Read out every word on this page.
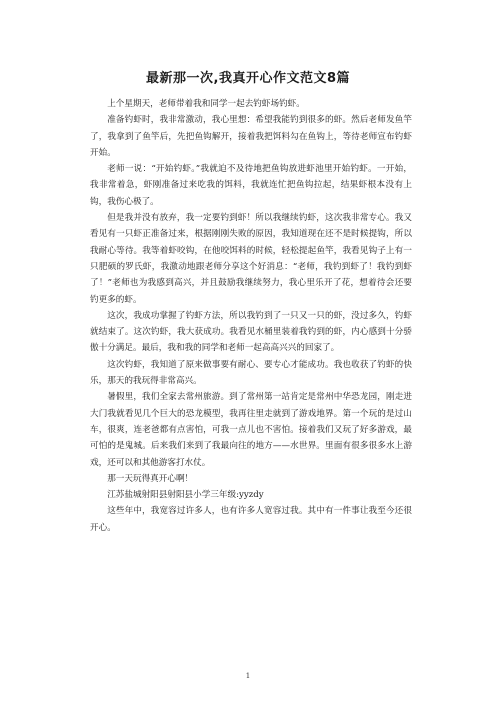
最新那一次,我真开心作文范文8篇

上个星期天，老师带着我和同学一起去钓虾场钓虾。

准备钓虾时，我非常激动，我心里想：希望我能钓到很多的虾。然后老师发鱼竿了，我拿到了鱼竿后，先把鱼钩解开，接着我把饵料勾在鱼钩上，等待老师宣布钓虾开始。

老师一说：“开始钓虾。”我就迫不及待地把鱼钩放进虾池里开始钓虾。一开始，我非常着急，虾刚准备过来吃我的饵料，我就连忙把鱼钩拉起，结果虾根本没有上钩，我伤心极了。

但是我并没有放弃，我一定要钓到虾！所以我继续钓虾，这次我非常专心。我又看见有一只虾正准备过来，根据刚刚失败的原因，我知道现在还不是时候提钩，所以我耐心等待。我等着虾咬钩，在他咬饵料的时候，轻松提起鱼竿，我看见钩子上有一只肥硕的罗氏虾，我激动地跟老师分享这个好消息：“老师，我钓到虾了！我钓到虾了！”老师也为我感到高兴，并且鼓励我继续努力，我心里乐开了花，想着待会还要钓更多的虾。

这次，我成功掌握了钓虾方法，所以我钓到了一只又一只的虾，没过多久，钓虾就结束了。这次钓虾，我大获成功。我看见水桶里装着我钓到的虾，内心感到十分骄傲十分满足。最后，我和我的同学和老师一起高高兴兴的回家了。

这次钓虾，我知道了原来做事要有耐心、要专心才能成功。我也收获了钓虾的快乐，那天的我玩得非常高兴。

暑假里，我们全家去常州旅游。到了常州第一站肯定是常州中华恐龙园，刚走进大门我就看见几个巨大的恐龙模型，我再往里走就到了游戏地界。第一个玩的是过山车，很爽，连老爸都有点害怕，可我一点儿也不害怕。接着我们又玩了好多游戏，最可怕的是鬼城。后来我们来到了我最向往的地方——水世界。里面有很多很多水上游戏，还可以和其他游客打水仗。

那一天玩得真开心啊！

江苏盐城射阳县射阳县小学三年级:yyzdy

这些年中，我宽容过许多人，也有许多人宽容过我。其中有一件事让我至今还很开心。

1
